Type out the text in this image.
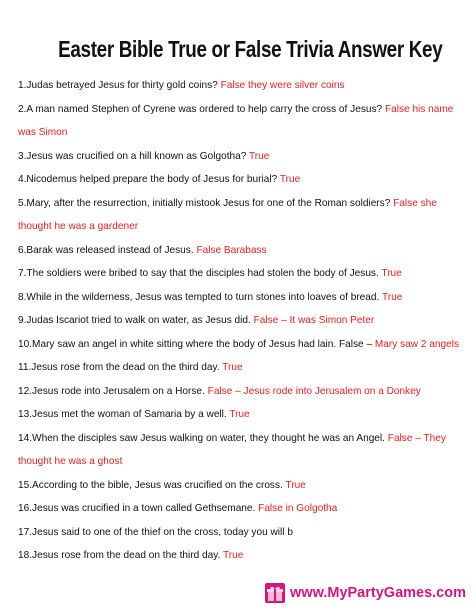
Easter Bible True or False Trivia Answer Key
1.Judas betrayed Jesus for thirty gold coins? False they were silver coins
2.A man named Stephen of Cyrene was ordered to help carry the cross of Jesus? False his name was Simon
3.Jesus was crucified on a hill known as Golgotha? True
4.Nicodemus helped prepare the body of Jesus for burial? True
5.Mary, after the resurrection, initially mistook Jesus for one of the Roman soldiers? False she thought he was a gardener
6.Barak was released instead of Jesus. False Barabass
7.The soldiers were bribed to say that the disciples had stolen the body of Jesus. True
8.While in the wilderness, Jesus was tempted to turn stones into loaves of bread. True
9.Judas Iscariot tried to walk on water, as Jesus did. False – It was Simon Peter
10.Mary saw an angel in white sitting where the body of Jesus had lain. False – Mary saw 2 angels
11.Jesus rose from the dead on the third day. True
12.Jesus rode into Jerusalem on a Horse. False – Jesus rode into Jerusalem on a Donkey
13.Jesus met the woman of Samaria by a well. True
14.When the disciples saw Jesus walking on water, they thought he was an Angel. False – They thought he was a ghost
15.According to the bible, Jesus was crucified on the cross. True
16.Jesus was crucified in a town called Gethsemane. False in Golgotha
17.Jesus said to one of the thief on the cross, today you will b
18.Jesus rose from the dead on the third day. True
www.MyPartyGames.com
